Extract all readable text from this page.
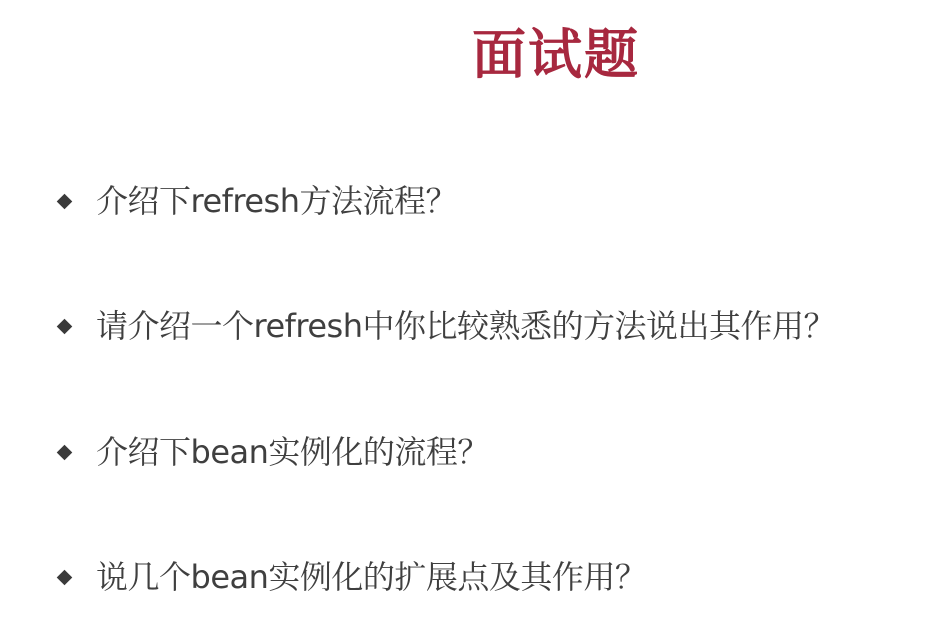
面试题
介绍下refresh方法流程？
请介绍一个refresh中你比较熟悉的方法说出其作用？
介绍下bean实例化的流程？
说几个bean实例化的扩展点及其作用？
